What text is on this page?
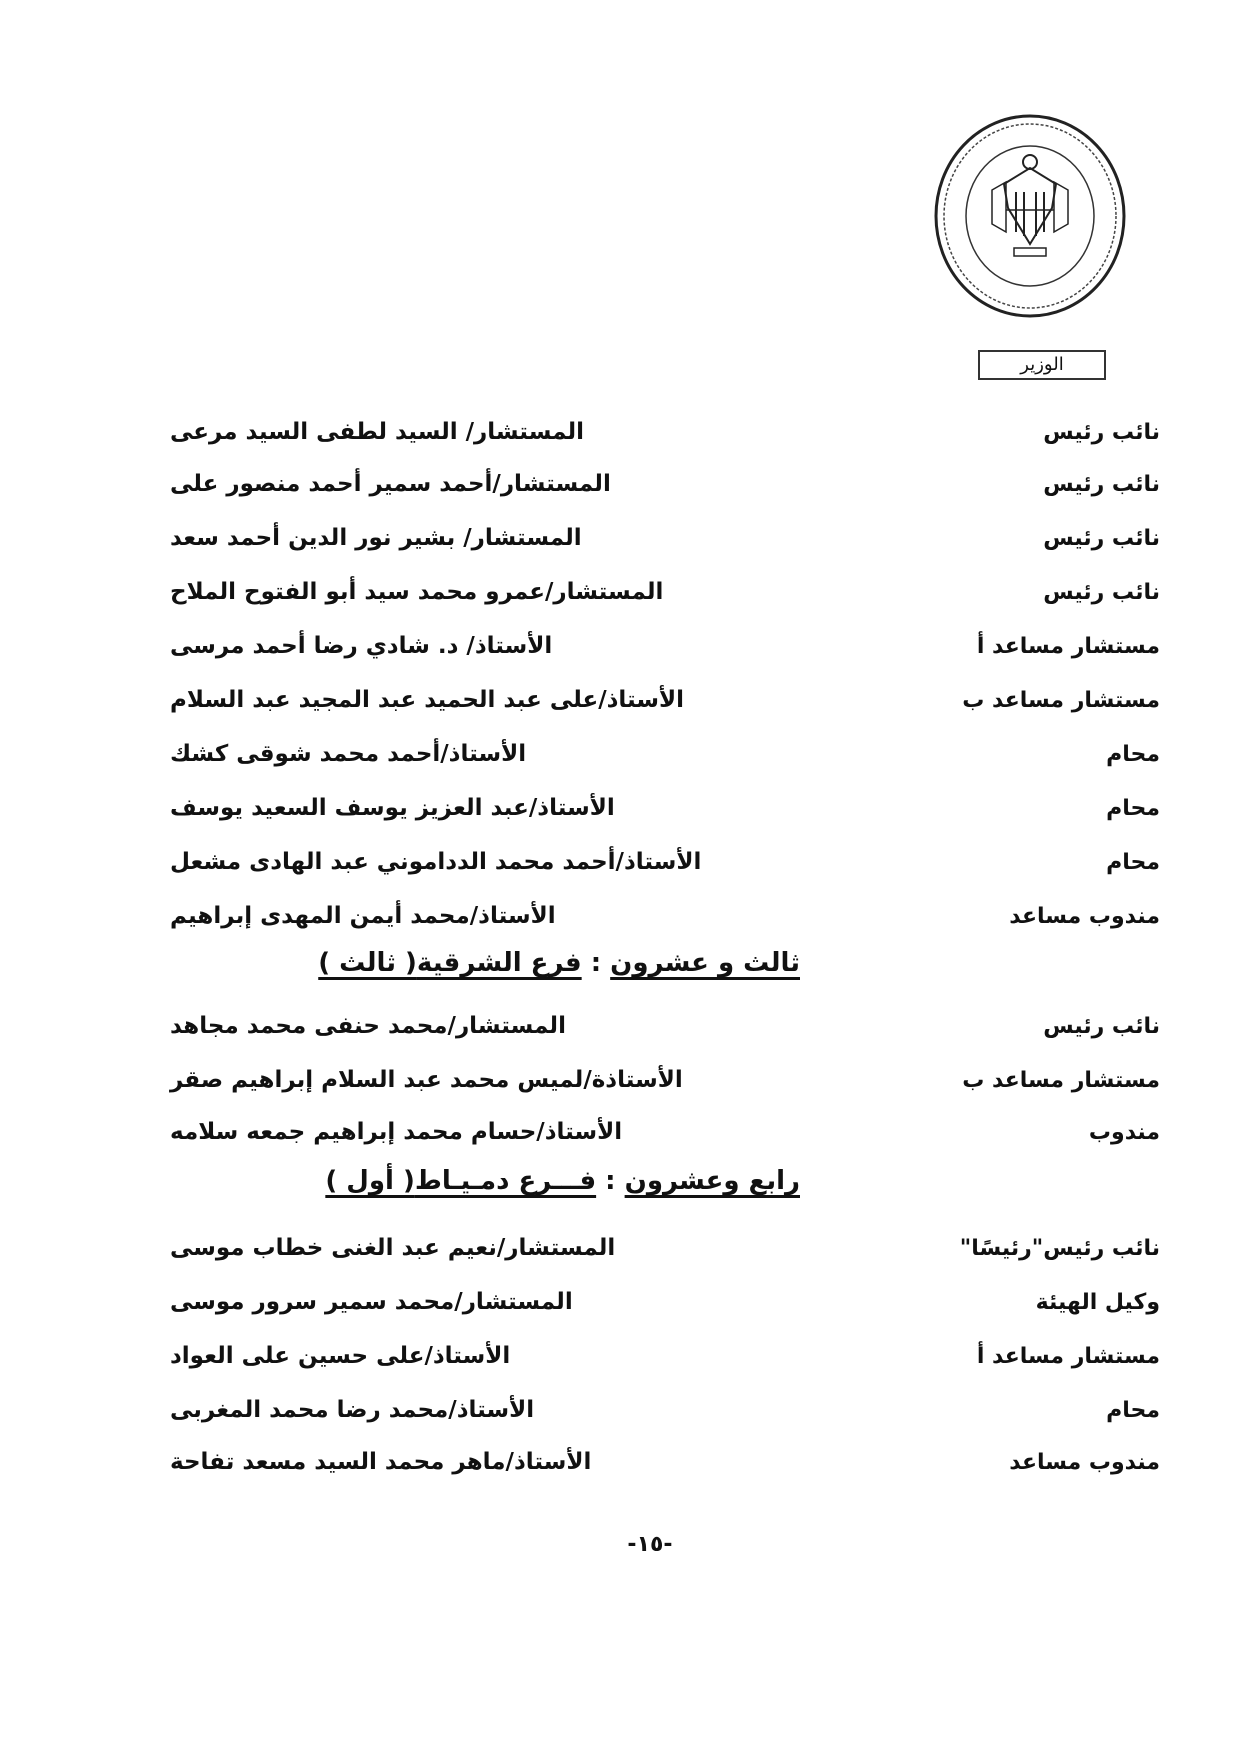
الوزير
المستشار/ السيد لطفى السيد مرعى	نائب رئيس
المستشار/أحمد سمير أحمد منصور على	نائب رئيس
المستشار/ بشير نور الدين أحمد سعد	نائب رئيس
المستشار/عمرو محمد سيد أبو الفتوح الملاح	نائب رئيس
الأستاذ/ د. شادي رضا أحمد مرسى	مستشار مساعد أ
الأستاذ/على عبد الحميد عبد المجيد عبد السلام	مستشار مساعد ب
الأستاذ/أحمد محمد شوقى كشك	محام
الأستاذ/عبد العزيز يوسف السعيد يوسف	محام
الأستاذ/أحمد محمد الدداموني عبد الهادى مشعل	محام
الأستاذ/محمد أيمن المهدى إبراهيم	مندوب مساعد
ثالث و عشرون : فرع الشرقية( ثالث )
المستشار/محمد حنفى محمد مجاهد	نائب رئيس
الأستاذة/لميس محمد عبد السلام إبراهيم صقر	مستشار مساعد ب
الأستاذ/حسام محمد إبراهيم جمعه سلامه	مندوب
رابع وعشرون : فـــرع دمـيـاط( أول )
المستشار/نعيم عبد الغنى خطاب موسى	نائب رئيس"رئيسًا"
المستشار/محمد سمير سرور موسى	وكيل الهيئة
الأستاذ/على حسين على العواد	مستشار مساعد أ
الأستاذ/محمد رضا محمد المغربى	محام
الأستاذ/ماهر محمد السيد مسعد تفاحة	مندوب مساعد
-١٥-
